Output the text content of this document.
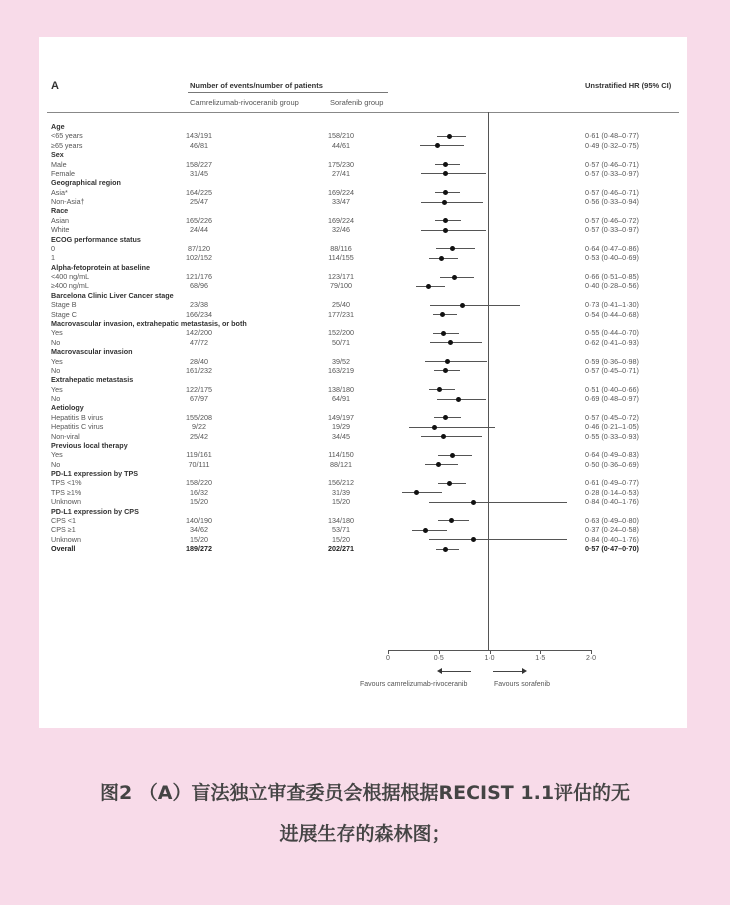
A	Number of events/number of patients
Camrelizumab-rivoceranib group	Sorafenib group
Unstratified HR (95% CI)
Age
<65 years	143/191	158/210	0·61 (0·48–0·77)
≥65 years	46/81	44/61	0·49 (0·32–0·75)
Sex
Male	158/227	175/230	0·57 (0·46–0·71)
Female	31/45	27/41	0·57 (0·33–0·97)
Geographical region
Asia*	164/225	169/224	0·57 (0·46–0·71)
Non-Asia†	25/47	33/47	0·56 (0·33–0·94)
Race
Asian	165/226	169/224	0·57 (0·46–0·72)
White	24/44	32/46	0·57 (0·33–0·97)
ECOG performance status
0	87/120	88/116	0·64 (0·47–0·86)
1	102/152	114/155	0·53 (0·40–0·69)
Alpha-fetoprotein at baseline
<400 ng/mL	121/176	123/171	0·66 (0·51–0·85)
≥400 ng/mL	68/96	79/100	0·40 (0·28–0·56)
Barcelona Clinic Liver Cancer stage
Stage B	23/38	25/40	0·73 (0·41–1·30)
Stage C	166/234	177/231	0·54 (0·44–0·68)
Macrovascular invasion, extrahepatic metastasis, or both
Yes	142/200	152/200	0·55 (0·44–0·70)
No	47/72	50/71	0·62 (0·41–0·93)
Macrovascular invasion
Yes	28/40	39/52	0·59 (0·36–0·98)
No	161/232	163/219	0·57 (0·45–0·71)
Extrahepatic metastasis
Yes	122/175	138/180	0·51 (0·40–0·66)
No	67/97	64/91	0·69 (0·48–0·97)
Aetiology
Hepatitis B virus	155/208	149/197	0·57 (0·45–0·72)
Hepatitis C virus	9/22	19/29	0·46 (0·21–1·05)
Non-viral	25/42	34/45	0·55 (0·33–0·93)
Previous local therapy
Yes	119/161	114/150	0·64 (0·49–0·83)
No	70/111	88/121	0·50 (0·36–0·69)
PD-L1 expression by TPS
TPS <1%	158/220	156/212	0·61 (0·49–0·77)
TPS ≥1%	16/32	31/39	0·28 (0·14–0·53)
Unknown	15/20	15/20	0·84 (0·40–1·76)
PD-L1 expression by CPS
CPS <1	140/190	134/180	0·63 (0·49–0·80)
CPS ≥1	34/62	53/71	0·37 (0·24–0·58)
Unknown	15/20	15/20	0·84 (0·40–1·76)
Overall	189/272	202/271	0·57 (0·47–0·70)
0	0·5	1·0	1·5	2·0
Favours camrelizumab-rivoceranib	Favours sorafenib
图2 （A）盲法独立审查委员会根据根据RECIST 1.1评估的无
进展生存的森林图；
